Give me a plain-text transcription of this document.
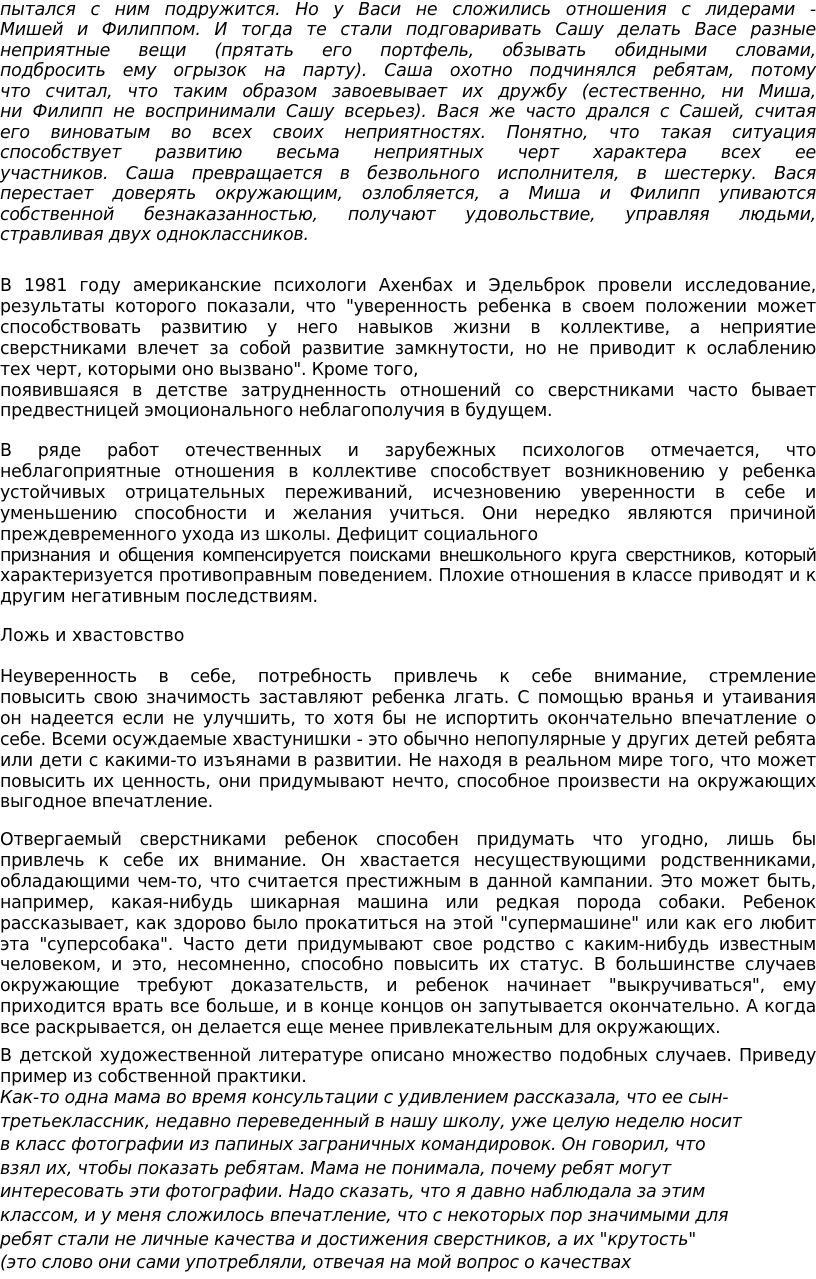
пытался с ним подружится. Но у Васи не сложились отношения с лидерами -
Мишей и Филиппом. И тогда те стали подговаривать Сашу делать Васе разные
неприятные вещи (прятать его портфель, обзывать обидными словами,
подбросить ему огрызок на парту). Саша охотно подчинялся ребятам, потому
что считал, что таким образом завоевывает их дружбу (естественно, ни Миша,
ни Филипп не воспринимали Сашу всерьез). Вася же часто дрался с Сашей, считая
его виноватым во всех своих неприятностях. Понятно, что такая ситуация
способствует развитию весьма неприятных черт характера всех ее
участников. Саша превращается в безвольного исполнителя, в шестерку. Вася
перестает доверять окружающим, озлобляется, а Миша и Филипп упиваются
собственной безнаказанностью, получают удовольствие, управляя людьми,
стравливая двух одноклассников.
В 1981 году американские психологи Ахенбах и Эдельброк провели исследование,
результаты которого показали, что "уверенность ребенка в своем положении может
способствовать развитию у него навыков жизни в коллективе, а неприятие
сверстниками влечет за собой развитие замкнутости, но не приводит к ослаблению
тех черт, которыми оно вызвано". Кроме того,
появившаяся в детстве затрудненность отношений со сверстниками часто бывает
предвестницей эмоционального неблагополучия в будущем.
В ряде работ отечественных и зарубежных психологов отмечается, что
неблагоприятные отношения в коллективе способствует возникновению у ребенка
устойчивых отрицательных переживаний, исчезновению уверенности в себе и
уменьшению способности и желания учиться. Они нередко являются причиной
преждевременного ухода из школы. Дефицит социального
признания и общения компенсируется поисками внешкольного круга сверстников, который
характеризуется противоправным поведением. Плохие отношения в классе приводят и к
другим негативным последствиям.
Ложь и хвастовство
Неуверенность в себе, потребность привлечь к себе внимание, стремление
повысить свою значимость заставляют ребенка лгать. С помощью вранья и утаивания
он надеется если не улучшить, то хотя бы не испортить окончательно впечатление о
себе. Всеми осуждаемые хвастунишки - это обычно непопулярные у других детей ребята
или дети с какими-то изъянами в развитии. Не находя в реальном мире того, что может
повысить их ценность, они придумывают нечто, способное произвести на окружающих
выгодное впечатление.
Отвергаемый сверстниками ребенок способен придумать что угодно, лишь бы
привлечь к себе их внимание. Он хвастается несуществующими родственниками,
обладающими чем-то, что считается престижным в данной кампании. Это может быть,
например, какая-нибудь шикарная машина или редкая порода собаки. Ребенок
рассказывает, как здорово было прокатиться на этой "супермашине" или как его любит
эта "суперсобака". Часто дети придумывают свое родство с каким-нибудь известным
человеком, и это, несомненно, способно повысить их статус. В большинстве случаев
окружающие требуют доказательств, и ребенок начинает "выкручиваться", ему
приходится врать все больше, и в конце концов он запутывается окончательно. А когда
все раскрывается, он делается еще менее привлекательным для окружающих.
В детской художественной литературе описано множество подобных случаев. Приведу
пример из собственной практики.
Как-то одна мама во время консультации с удивлением рассказала, что ее сын-
третьеклассник, недавно переведенный в нашу школу, уже целую неделю носит
в класс фотографии из папиных заграничных командировок. Он говорил, что
взял их, чтобы показать ребятам. Мама не понимала, почему ребят могут
интересовать эти фотографии. Надо сказать, что я давно наблюдала за этим
классом, и у меня сложилось впечатление, что с некоторых пор значимыми для
ребят стали не личные качества и достижения сверстников, а их "крутость"
(это слово они сами употребляли, отвечая на мой вопрос о качествах
